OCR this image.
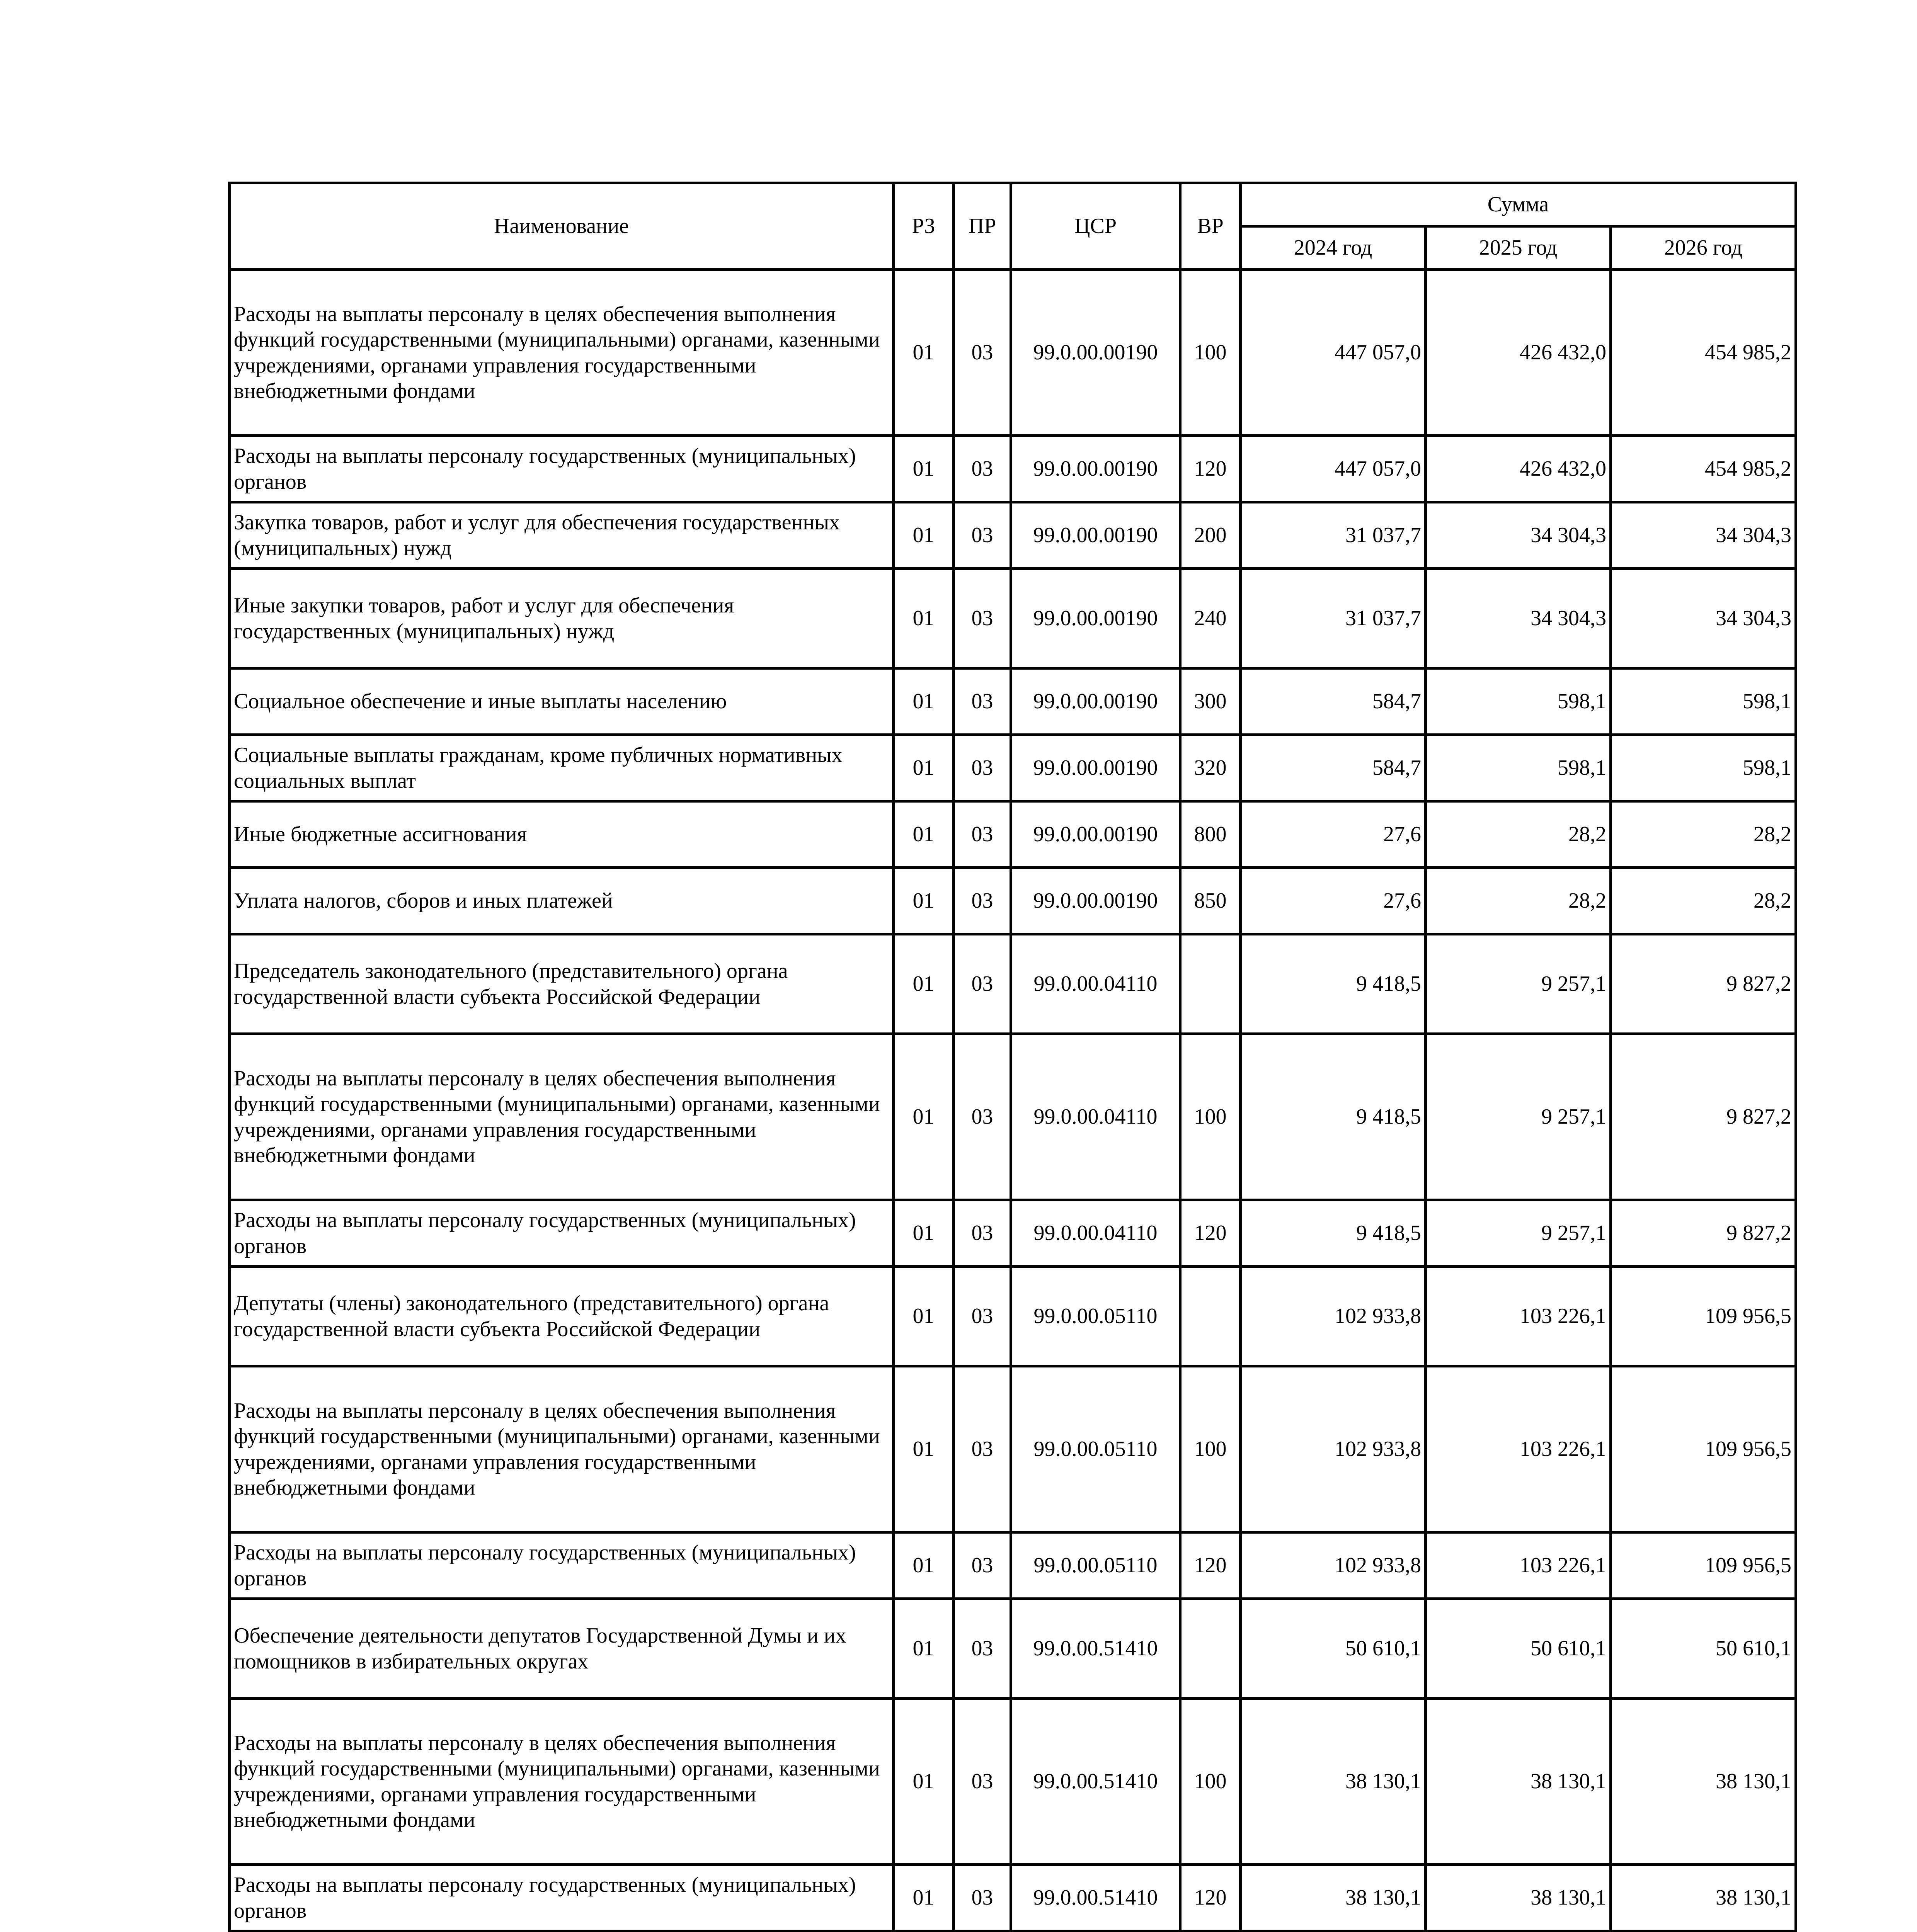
Наименование	РЗ	ПР	ЦСР	ВР	Сумма		
					2024 год	2025 год	2026 год
Расходы на выплаты персоналу в целях обеспечения выполнения функций государственными (муниципальными) органами, казенными учреждениями, органами управления государственными внебюджетными фондами	01	03	99.0.00.00190	100	447 057,0	426 432,0	454 985,2
Расходы на выплаты персоналу государственных (муниципальных) органов	01	03	99.0.00.00190	120	447 057,0	426 432,0	454 985,2
Закупка товаров, работ и услуг для обеспечения государственных (муниципальных) нужд	01	03	99.0.00.00190	200	31 037,7	34 304,3	34 304,3
Иные закупки товаров, работ и услуг для обеспечения государственных (муниципальных) нужд	01	03	99.0.00.00190	240	31 037,7	34 304,3	34 304,3
Социальное обеспечение и иные выплаты населению	01	03	99.0.00.00190	300	584,7	598,1	598,1
Социальные выплаты гражданам, кроме публичных нормативных социальных выплат	01	03	99.0.00.00190	320	584,7	598,1	598,1
Иные бюджетные ассигнования	01	03	99.0.00.00190	800	27,6	28,2	28,2
Уплата налогов, сборов и иных платежей	01	03	99.0.00.00190	850	27,6	28,2	28,2
Председатель законодательного (представительного) органа государственной власти субъекта Российской Федерации	01	03	99.0.00.04110		9 418,5	9 257,1	9 827,2
Расходы на выплаты персоналу в целях обеспечения выполнения функций государственными (муниципальными) органами, казенными учреждениями, органами управления государственными внебюджетными фондами	01	03	99.0.00.04110	100	9 418,5	9 257,1	9 827,2
Расходы на выплаты персоналу государственных (муниципальных) органов	01	03	99.0.00.04110	120	9 418,5	9 257,1	9 827,2
Депутаты (члены) законодательного (представительного) органа государственной власти субъекта Российской Федерации	01	03	99.0.00.05110		102 933,8	103 226,1	109 956,5
Расходы на выплаты персоналу в целях обеспечения выполнения функций государственными (муниципальными) органами, казенными учреждениями, органами управления государственными внебюджетными фондами	01	03	99.0.00.05110	100	102 933,8	103 226,1	109 956,5
Расходы на выплаты персоналу государственных (муниципальных) органов	01	03	99.0.00.05110	120	102 933,8	103 226,1	109 956,5
Обеспечение деятельности депутатов Государственной Думы и их помощников в избирательных округах	01	03	99.0.00.51410		50 610,1	50 610,1	50 610,1
Расходы на выплаты персоналу в целях обеспечения выполнения функций государственными (муниципальными) органами, казенными учреждениями, органами управления государственными внебюджетными фондами	01	03	99.0.00.51410	100	38 130,1	38 130,1	38 130,1
Расходы на выплаты персоналу государственных (муниципальных) органов	01	03	99.0.00.51410	120	38 130,1	38 130,1	38 130,1
